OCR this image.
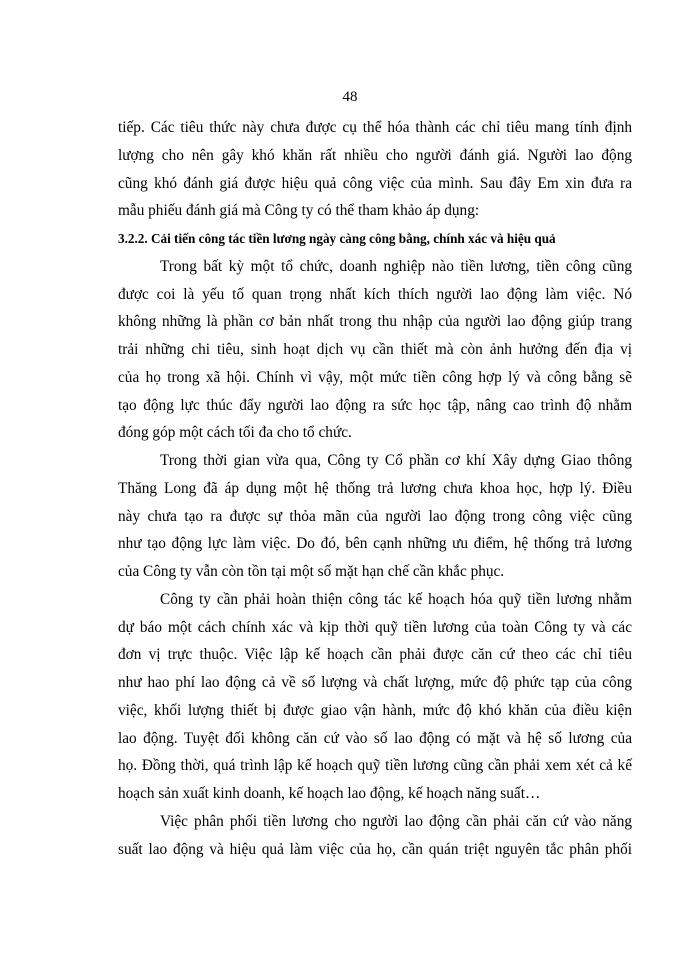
48
tiếp. Các tiêu thức này chưa được cụ thể hóa thành các chỉ tiêu mang tính định
lượng cho nên gây khó khăn rất nhiều cho người đánh giá. Người lao động
cũng khó đánh giá được hiệu quả công việc của mình. Sau đây Em xin đưa ra
mẫu phiếu đánh giá mà Công ty có thể tham khảo áp dụng:
3.2.2. Cải tiến công tác tiền lương ngày càng công bằng, chính xác và hiệu quả
Trong bất kỳ một tổ chức, doanh nghiệp nào tiền lương, tiền công cũng
được coi là yếu tố quan trọng nhất kích thích người lao động làm việc. Nó
không những là phần cơ bản nhất trong thu nhập của người lao động giúp trang
trải những chi tiêu, sinh hoạt dịch vụ cần thiết mà còn ảnh hưởng đến địa vị
của họ trong xã hội. Chính vì vậy, một mức tiền công hợp lý và công bằng sẽ
tạo động lực thúc đẩy người lao động ra sức học tập, nâng cao trình độ nhằm
đóng góp một cách tối đa cho tổ chức.
Trong thời gian vừa qua, Công ty Cổ phần cơ khí Xây dựng Giao thông
Thăng Long đã áp dụng một hệ thống trả lương chưa khoa học, hợp lý. Điều
này chưa tạo ra được sự thỏa mãn của người lao động trong công việc cũng
như tạo động lực làm việc. Do đó, bên cạnh những ưu điểm, hệ thống trả lương
của Công ty vẫn còn tồn tại một số mặt hạn chế cần khắc phục.
Công ty cần phải hoàn thiện công tác kế hoạch hóa quỹ tiền lương nhằm
dự báo một cách chính xác và kịp thời quỹ tiền lương của toàn Công ty và các
đơn vị trực thuộc. Việc lập kế hoạch cần phải được căn cứ theo các chỉ tiêu
như hao phí lao động cả về số lượng và chất lượng, mức độ phức tạp của công
việc, khối lượng thiết bị được giao vận hành, mức độ khó khăn của điều kiện
lao động. Tuyệt đối không căn cứ vào số lao động có mặt và hệ số lương của
họ. Đồng thời, quá trình lập kế hoạch quỹ tiền lương cũng cần phải xem xét cả kế
hoạch sản xuất kinh doanh, kế hoạch lao động, kế hoạch năng suất…
Việc phân phối tiền lương cho người lao động cần phải căn cứ vào năng
suất lao động và hiệu quả làm việc của họ, cần quán triệt nguyên tắc phân phối
